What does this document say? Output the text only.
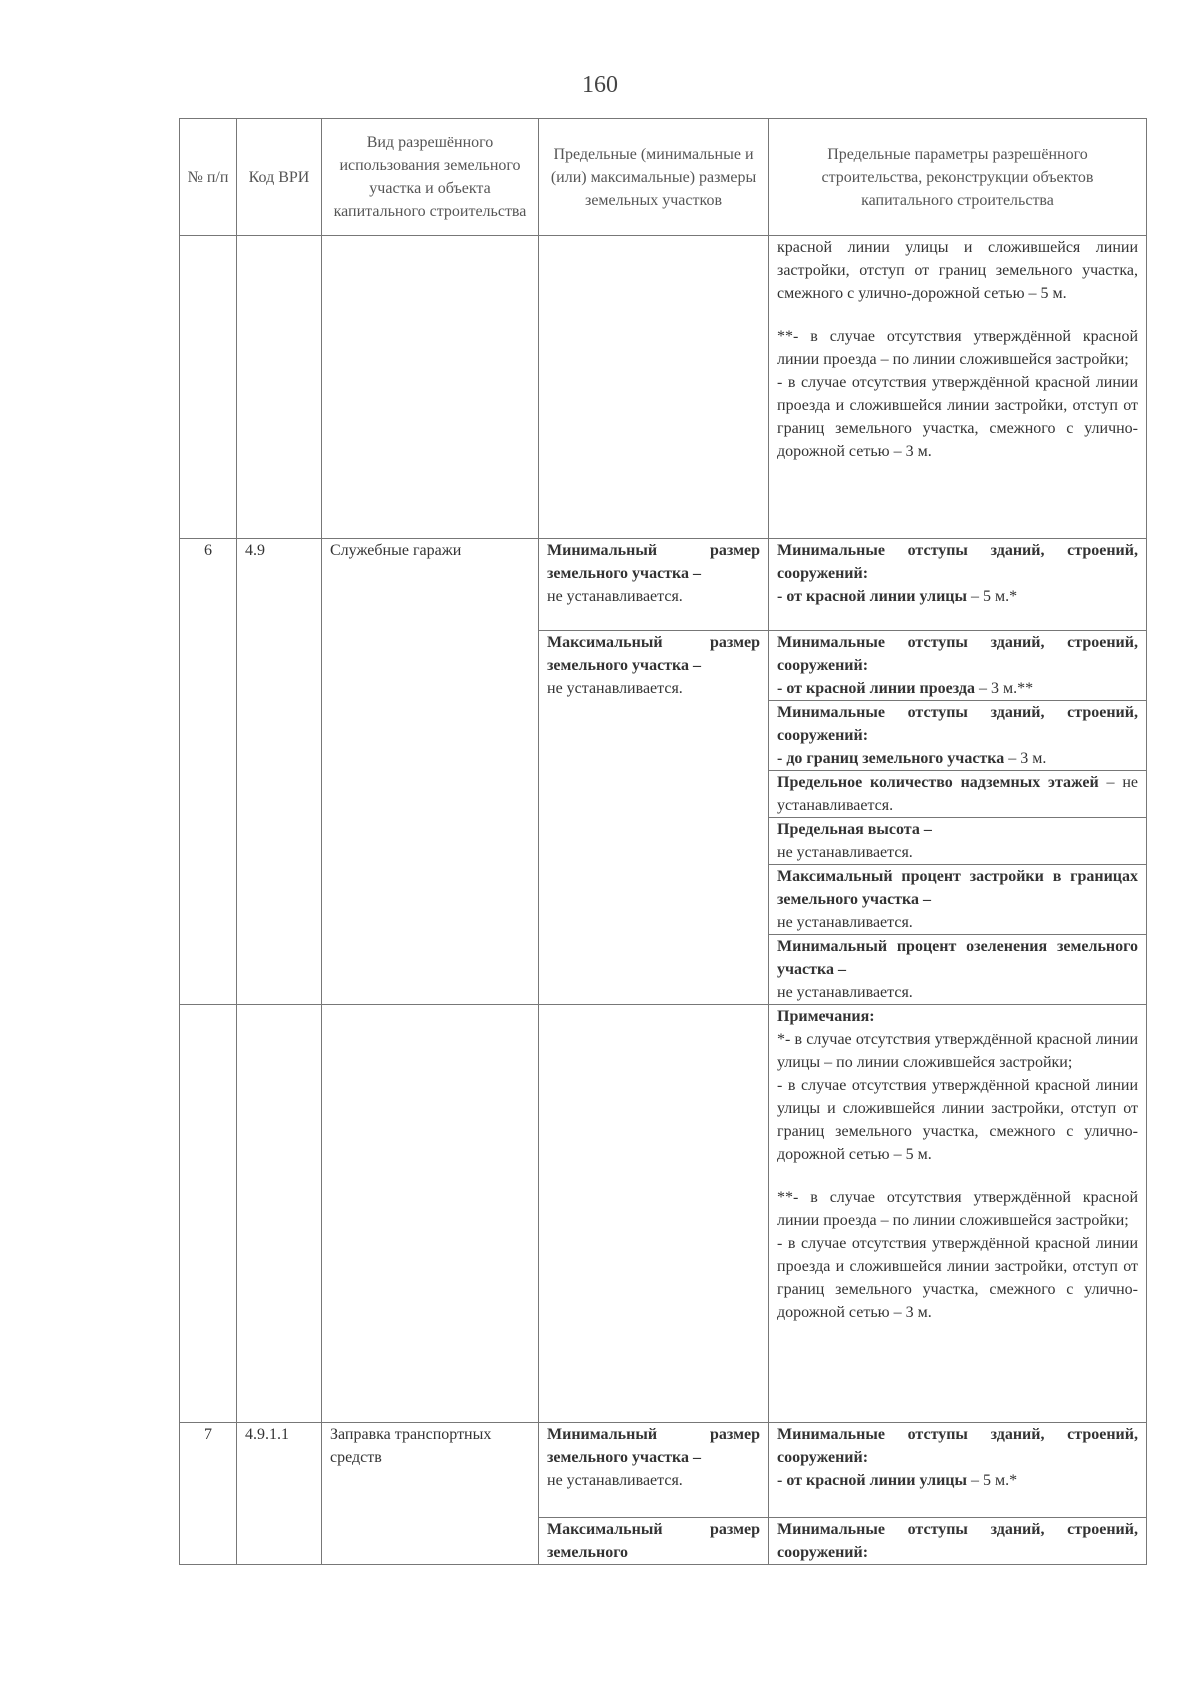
160
№ п/п	Код ВРИ	Вид разрешённого использования земельного участка и объекта капитального строительства	Предельные (минимальные и (или) максимальные) размеры земельных участков	Предельные параметры разрешённого строительства, реконструкции объектов капитального строительства

				красной линии улицы и сложившейся линии застройки, отступ от границ земельного участка, смежного с улично-дорожной сетью – 5 м.
**- в случае отсутствия утверждённой красной линии проезда – по линии сложившейся застройки;
- в случае отсутствия утверждённой красной линии проезда и сложившейся линии застройки, отступ от границ земельного участка, смежного с улично-дорожной сетью – 3 м.

6	4.9	Служебные гаражи	Минимальный размер земельного участка –
не устанавливается.	Минимальные отступы зданий, строений, сооружений:
- от красной линии улицы – 5 м.*
			Максимальный размер земельного участка –
не устанавливается.	Минимальные отступы зданий, строений, сооружений:
- от красной линии проезда – 3 м.**
				Минимальные отступы зданий, строений, сооружений:
- до границ земельного участка – 3 м.
				Предельное количество надземных этажей – не устанавливается.
				Предельная высота –
не устанавливается.
				Максимальный процент застройки в границах земельного участка –
не устанавливается.
				Минимальный процент озеленения земельного участка –
не устанавливается.

				Примечания:
*- в случае отсутствия утверждённой красной линии улицы – по линии сложившейся застройки;
- в случае отсутствия утверждённой красной линии улицы и сложившейся линии застройки, отступ от границ земельного участка, смежного с улично-дорожной сетью – 5 м.
**- в случае отсутствия утверждённой красной линии проезда – по линии сложившейся застройки;
- в случае отсутствия утверждённой красной линии проезда и сложившейся линии застройки, отступ от границ земельного участка, смежного с улично-дорожной сетью – 3 м.

7	4.9.1.1	Заправка транспортных средств	Минимальный размер земельного участка –
не устанавливается.	Минимальные отступы зданий, строений, сооружений:
- от красной линии улицы – 5 м.*
			Максимальный размер земельного	Минимальные отступы зданий, строений, сооружений:
